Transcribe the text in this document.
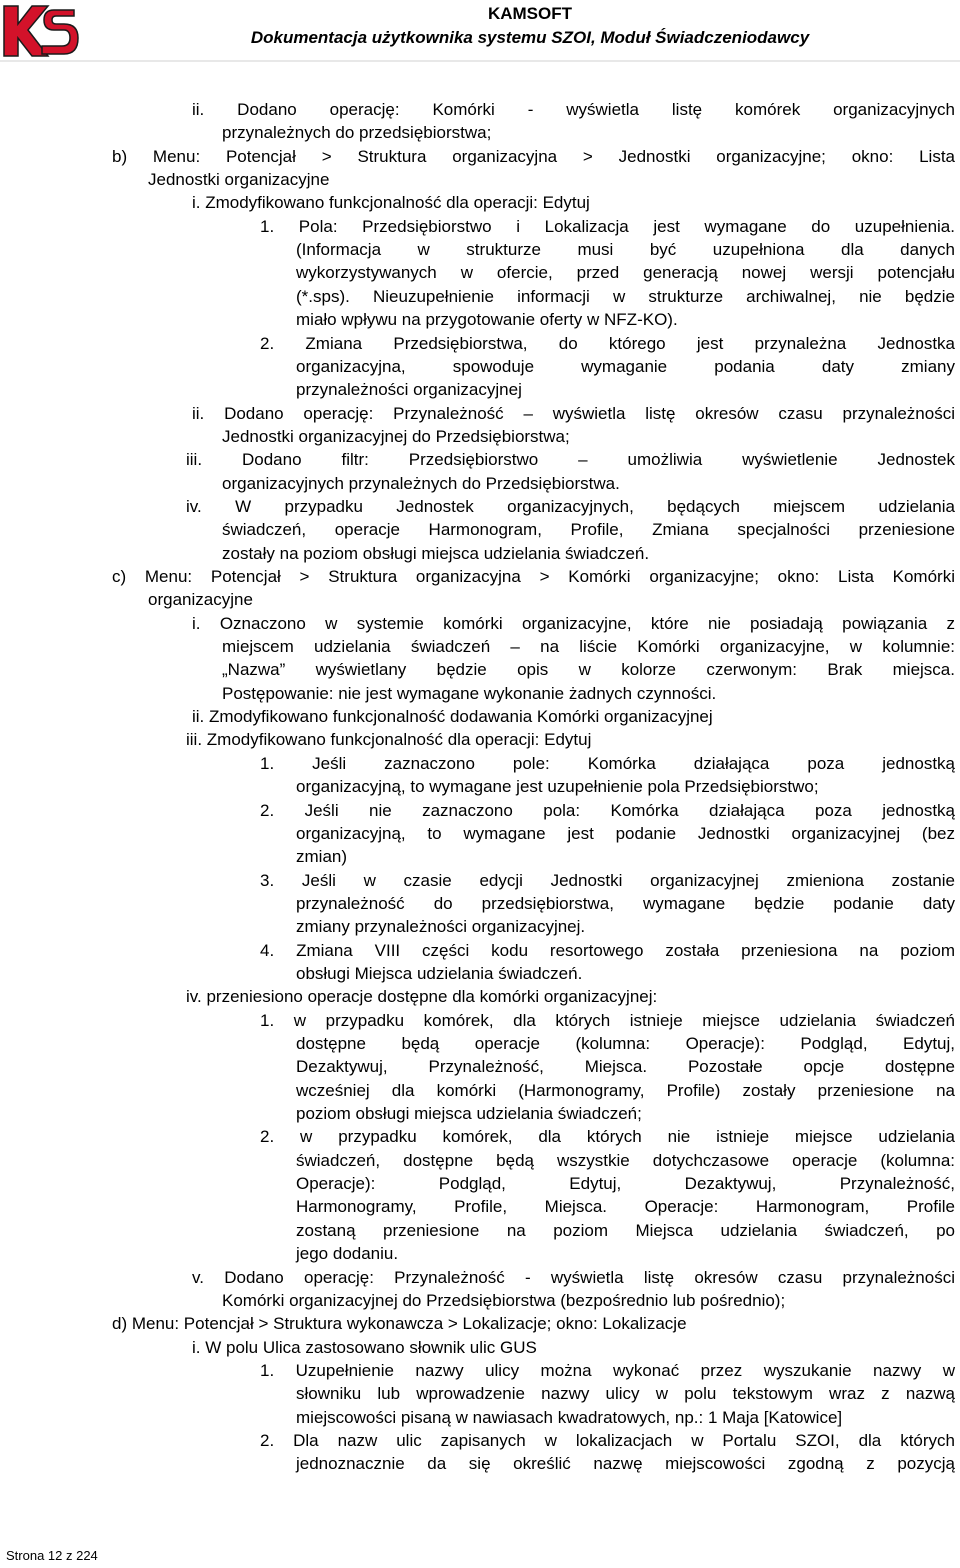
KAMSOFT
Dokumentacja użytkownika systemu SZOI, Moduł Świadczeniodawcy
ii. Dodano operację: Komórki - wyświetla listę komórek organizacyjnych
przynależnych do przedsiębiorstwa;
b) Menu: Potencjał > Struktura organizacyjna > Jednostki organizacyjne; okno: Lista
Jednostki organizacyjne
i. Zmodyfikowano funkcjonalność dla operacji: Edytuj
1. Pola: Przedsiębiorstwo i Lokalizacja jest wymagane do uzupełnienia.
(Informacja w strukturze musi być uzupełniona dla danych
wykorzystywanych w ofercie, przed generacją nowej wersji potencjału
(*.sps). Nieuzupełnienie informacji w strukturze archiwalnej, nie będzie
miało wpływu na przygotowanie oferty w NFZ-KO).
2. Zmiana Przedsiębiorstwa, do którego jest przynależna Jednostka
organizacyjna, spowoduje wymaganie podania daty zmiany
przynależności organizacyjnej
ii. Dodano operację: Przynależność – wyświetla listę okresów czasu przynależności
Jednostki organizacyjnej do Przedsiębiorstwa;
iii. Dodano filtr: Przedsiębiorstwo – umożliwia wyświetlenie Jednostek
organizacyjnych przynależnych do Przedsiębiorstwa.
iv. W przypadku Jednostek organizacyjnych, będących miejscem udzielania
świadczeń, operacje Harmonogram, Profile, Zmiana specjalności przeniesione
zostały na poziom obsługi miejsca udzielania świadczeń.
c) Menu: Potencjał > Struktura organizacyjna > Komórki organizacyjne; okno: Lista Komórki
organizacyjne
i. Oznaczono w systemie komórki organizacyjne, które nie posiadają powiązania z
miejscem udzielania świadczeń – na liście Komórki organizacyjne, w kolumnie:
„Nazwa” wyświetlany będzie opis w kolorze czerwonym: Brak miejsca.
Postępowanie: nie jest wymagane wykonanie żadnych czynności.
ii. Zmodyfikowano funkcjonalność dodawania Komórki organizacyjnej
iii. Zmodyfikowano funkcjonalność dla operacji: Edytuj
1. Jeśli zaznaczono pole: Komórka działająca poza jednostką
organizacyjną, to wymagane jest uzupełnienie pola Przedsiębiorstwo;
2. Jeśli nie zaznaczono pola: Komórka działająca poza jednostką
organizacyjną, to wymagane jest podanie Jednostki organizacyjnej (bez
zmian)
3. Jeśli w czasie edycji Jednostki organizacyjnej zmieniona zostanie
przynależność do przedsiębiorstwa, wymagane będzie podanie daty
zmiany przynależności organizacyjnej.
4. Zmiana VIII części kodu resortowego została przeniesiona na poziom
obsługi Miejsca udzielania świadczeń.
iv. przeniesiono operacje dostępne dla komórki organizacyjnej:
1. w przypadku komórek, dla których istnieje miejsce udzielania świadczeń
dostępne będą operacje (kolumna: Operacje): Podgląd, Edytuj,
Dezaktywuj, Przynależność, Miejsca. Pozostałe opcje dostępne
wcześniej dla komórki (Harmonogramy, Profile) zostały przeniesione na
poziom obsługi miejsca udzielania świadczeń;
2. w przypadku komórek, dla których nie istnieje miejsce udzielania
świadczeń, dostępne będą wszystkie dotychczasowe operacje (kolumna:
Operacje): Podgląd, Edytuj, Dezaktywuj, Przynależność,
Harmonogramy, Profile, Miejsca. Operacje: Harmonogram, Profile
zostaną przeniesione na poziom Miejsca udzielania świadczeń, po
jego dodaniu.
v. Dodano operację: Przynależność - wyświetla listę okresów czasu przynależności
Komórki organizacyjnej do Przedsiębiorstwa (bezpośrednio lub pośrednio);
d) Menu: Potencjał > Struktura wykonawcza > Lokalizacje; okno: Lokalizacje
i. W polu Ulica zastosowano słownik ulic GUS
1. Uzupełnienie nazwy ulicy można wykonać przez wyszukanie nazwy w
słowniku lub wprowadzenie nazwy ulicy w polu tekstowym wraz z nazwą
miejscowości pisaną w nawiasach kwadratowych, np.: 1 Maja [Katowice]
2. Dla nazw ulic zapisanych w lokalizacjach w Portalu SZOI, dla których
jednoznacznie da się określić nazwę miejscowości zgodną z pozycją
Strona 12 z 224
